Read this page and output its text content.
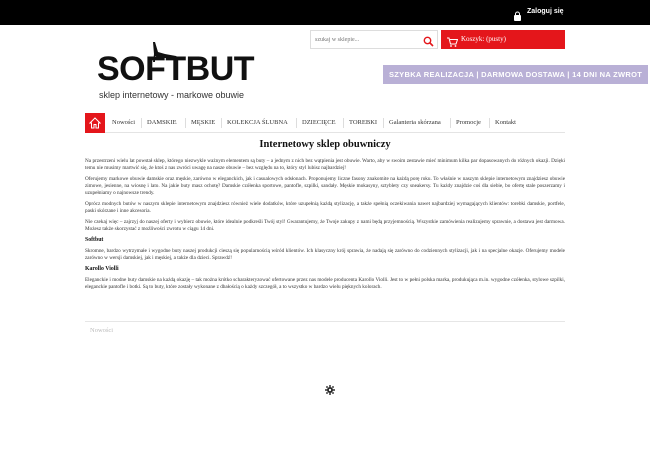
Zaloguj się
SOFTBUT
sklep internetowy - markowe obuwie
szukaj w sklepie...
Koszyk: (pusty)
SZYBKA REALIZACJA | DARMOWA DOSTAWA | 14 DNI NA ZWROT
Nowości DAMSKIE MĘSKIE KOLEKCJA ŚLUBNA DZIECIĘCE TOREBKI Galanteria skórzana Promocje Kontakt
Internetowy sklep obuwniczy

Na przestrzeni wielu lat powstał sklep, którego niezwykle ważnym elementem są buty – a jednym z nich bez wątpienia jest obuwie. Warto, aby w swoim zestawie mieć minimum kilka par dopasowanych do różnych okazji. Dzięki temu nie musimy martwić się, że ktoś z nas zwróci uwagę na nasze obuwie – bez względu na to, który styl lubisz najbardziej!

Oferujemy markowe obuwie damskie oraz męskie, zarówno w eleganckich, jak i casualowych odsłonach. Proponujemy liczne fasony znakomite na każdą porę roku. To właśnie w naszym sklepie internetowym znajdziesz obuwie zimowe, jesienne, na wiosnę i lato. Na jakie buty masz ochotę? Damskie czółenka sportowe, pantofle, szpilki, sandały. Męskie mokasyny, sztyblety czy sneakersy. Tu każdy znajdzie coś dla siebie, bo ofertę stale poszerzamy i uzupełniamy o najnowsze trendy.

Oprócz modnych butów w naszym sklepie internetowym znajdziesz również wiele dodatków, które uzupełnią każdą stylizację, a także spełnią oczekiwania nawet najbardziej wymagających klientów: torebki damskie, portfele, paski skórzane i inne akcesoria.

Nie czekaj więc – zajrzyj do naszej oferty i wybierz obuwie, które idealnie podkreśli Twój styl! Gwarantujemy, że Twoje zakupy z nami będą przyjemnością. Wszystkie zamówienia realizujemy sprawnie, a dostawa jest darmowa. Możesz także skorzystać z możliwości zwrotu w ciągu 14 dni.

Softbut

Skromne, bardzo wytrzymałe i wygodne buty naszej produkcji cieszą się popularnością wśród klientów. Ich klasyczny krój sprawia, że nadają się zarówno do codziennych stylizacji, jak i na specjalne okazje. Oferujemy modele zarówno w wersji damskiej, jak i męskiej, a także dla dzieci. Sprawdź!

Karollo Violli

Eleganckie i modne buty damskie na każdą okazję – tak można krótko scharakteryzować ofertowane przez nas modele producenta Karollo Violli. Jest to w pełni polska marka, produkująca m.in. wygodne czółenka, stylowe szpilki, eleganckie pantofle i botki. Są to buty, które zostały wykonane z dbałością o każdy szczegół, a to wszystko w bardzo wielu pięknych kolorach.

Nowości
